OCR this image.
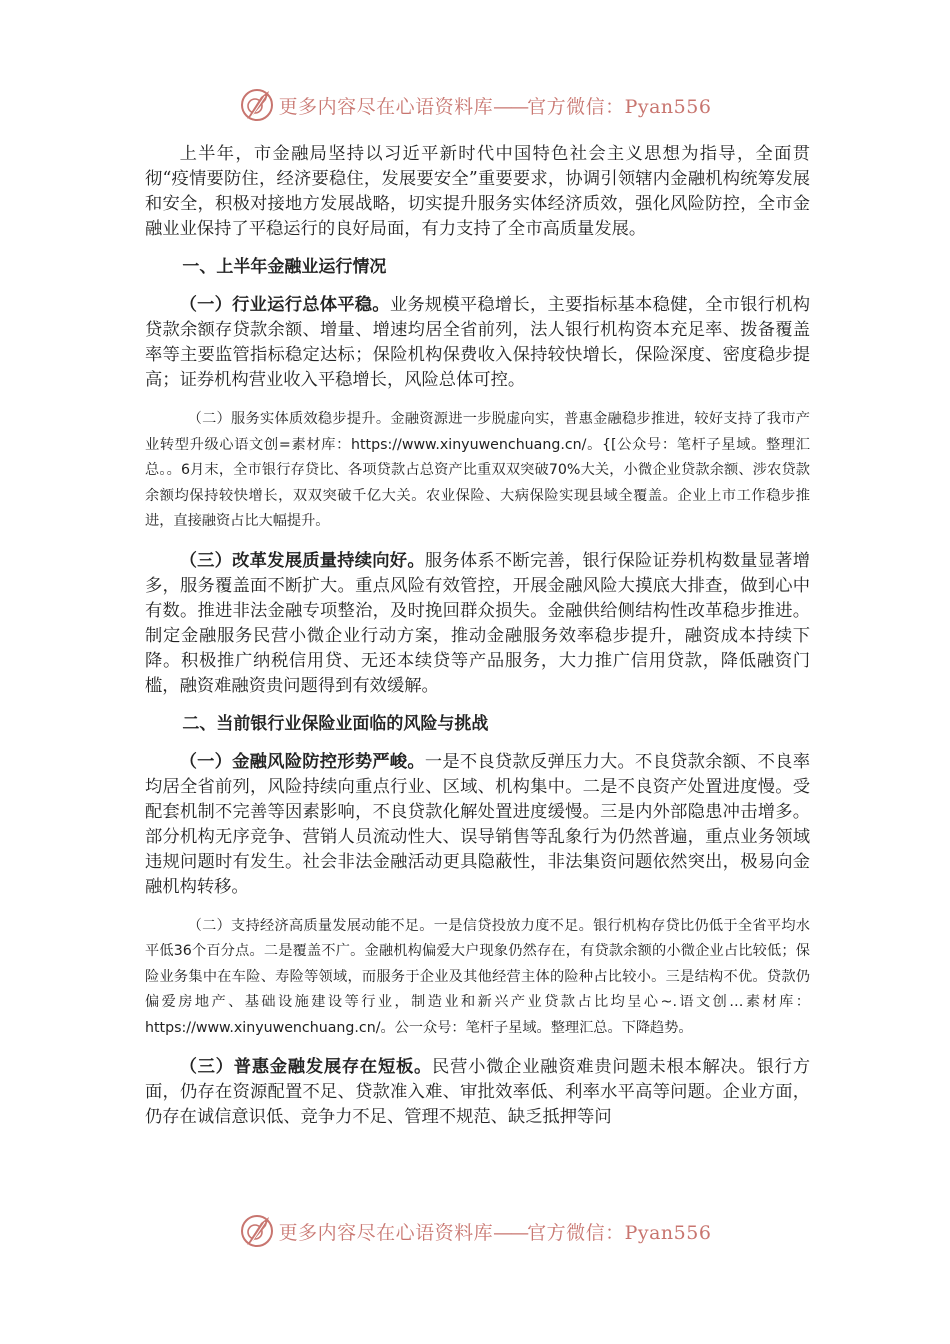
更多内容尽在心语资料库——官方微信：Pyan556

上半年，市金融局坚持以习近平新时代中国特色社会主义思想为指导，全面贯彻“疫情要防住，经济要稳住，发展要安全”重要要求，协调引领辖内金融机构统筹发展和安全，积极对接地方发展战略，切实提升服务实体经济质效，强化风险防控，全市金融业业保持了平稳运行的良好局面，有力支持了全市高质量发展。

一、上半年金融业运行情况

（一）行业运行总体平稳。业务规模平稳增长，主要指标基本稳健，全市银行机构贷款余额存贷款余额、增量、增速均居全省前列，法人银行机构资本充足率、拨备覆盖率等主要监管指标稳定达标；保险机构保费收入保持较快增长，保险深度、密度稳步提高；证券机构营业收入平稳增长，风险总体可控。

（二）服务实体质效稳步提升。金融资源进一步脱虚向实，普惠金融稳步推进，较好支持了我市产业转型升级心语文创=素材库：https://www.xinyuwenchuang.cn/。{[公众号：笔杆子星域。整理汇总。。6月末，全市银行存贷比、各项贷款占总资产比重双双突破70%大关，小微企业贷款余额、涉农贷款余额均保持较快增长，双双突破千亿大关。农业保险、大病保险实现县域全覆盖。企业上市工作稳步推进，直接融资占比大幅提升。

（三）改革发展质量持续向好。服务体系不断完善，银行保险证券机构数量显著增多，服务覆盖面不断扩大。重点风险有效管控，开展金融风险大摸底大排查，做到心中有数。推进非法金融专项整治，及时挽回群众损失。金融供给侧结构性改革稳步推进。制定金融服务民营小微企业行动方案，推动金融服务效率稳步提升，融资成本持续下降。积极推广纳税信用贷、无还本续贷等产品服务，大力推广信用贷款，降低融资门槛，融资难融资贵问题得到有效缓解。

二、当前银行业保险业面临的风险与挑战

（一）金融风险防控形势严峻。一是不良贷款反弹压力大。不良贷款余额、不良率均居全省前列，风险持续向重点行业、区域、机构集中。二是不良资产处置进度慢。受配套机制不完善等因素影响，不良贷款化解处置进度缓慢。三是内外部隐患冲击增多。部分机构无序竞争、营销人员流动性大、误导销售等乱象行为仍然普遍，重点业务领域违规问题时有发生。社会非法金融活动更具隐蔽性，非法集资问题依然突出，极易向金融机构转移。

（二）支持经济高质量发展动能不足。一是信贷投放力度不足。银行机构存贷比仍低于全省平均水平低36个百分点。二是覆盖不广。金融机构偏爱大户现象仍然存在，有贷款余额的小微企业占比较低；保险业务集中在车险、寿险等领域，而服务于企业及其他经营主体的险种占比较小。三是结构不优。贷款仍偏爱房地产、基础设施建设等行业，制造业和新兴产业贷款占比均呈心~.语文创…素材库：https://www.xinyuwenchuang.cn/。公一众号：笔杆子星域。整理汇总。下降趋势。

（三）普惠金融发展存在短板。民营小微企业融资难贵问题未根本解决。银行方面，仍存在资源配置不足、贷款准入难、审批效率低、利率水平高等问题。企业方面，仍存在诚信意识低、竞争力不足、管理不规范、缺乏抵押等问

更多内容尽在心语资料库——官方微信：Pyan556
